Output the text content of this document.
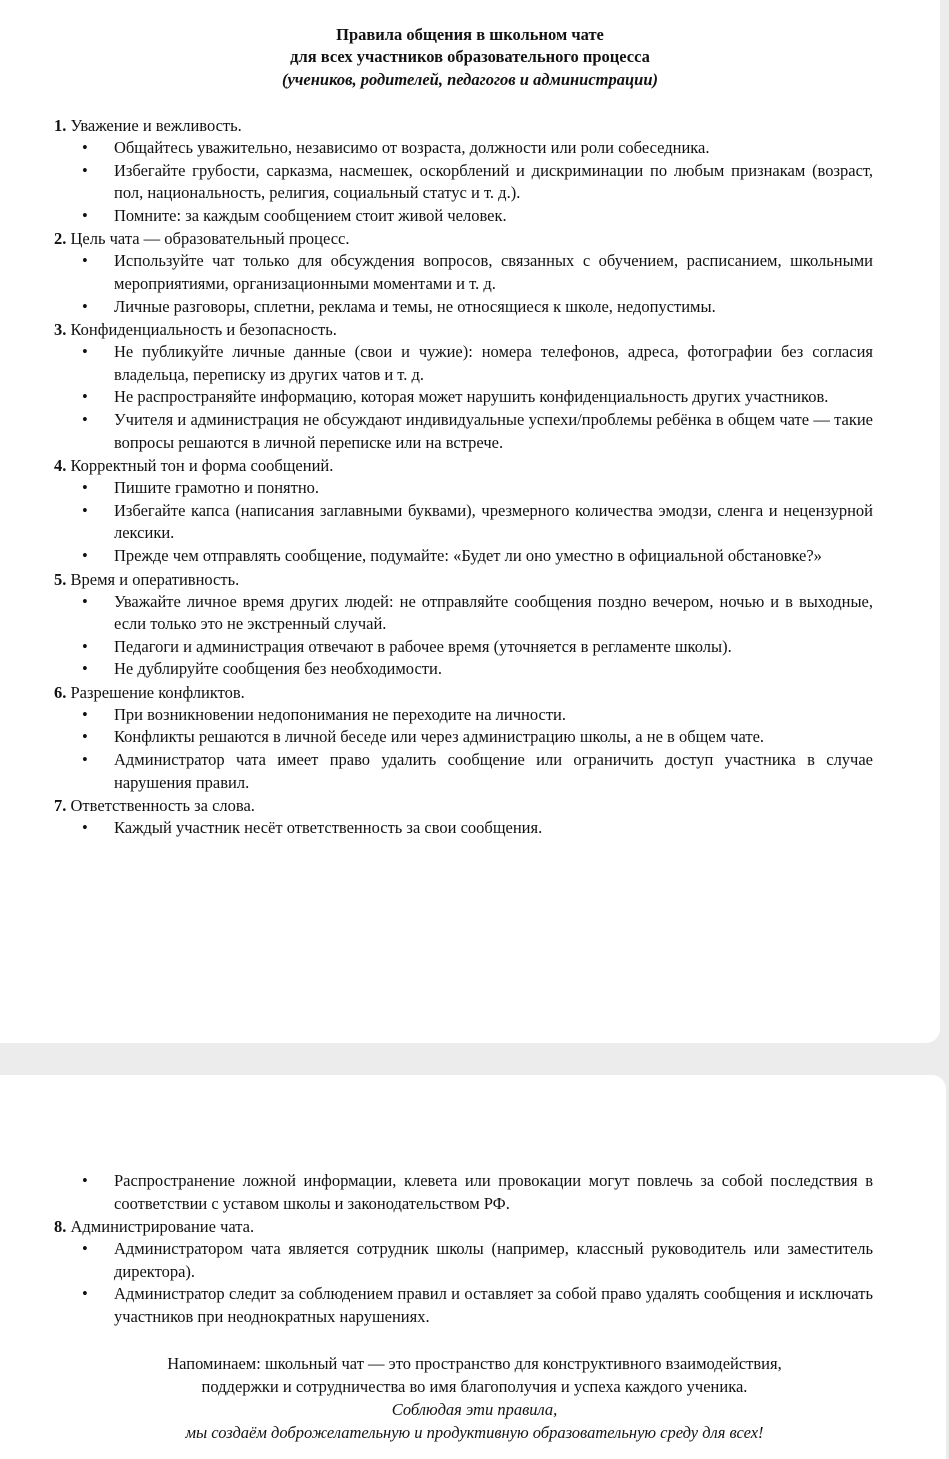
Правила общения в школьном чате
для всех участников образовательного процесса
(учеников, родителей, педагогов и администрации)
1. Уважение и вежливость.
• Общайтесь уважительно, независимо от возраста, должности или роли собеседника.
• Избегайте грубости, сарказма, насмешек, оскорблений и дискриминации по любым признакам (возраст, пол, национальность, религия, социальный статус и т. д.).
• Помните: за каждым сообщением стоит живой человек.
2. Цель чата — образовательный процесс.
• Используйте чат только для обсуждения вопросов, связанных с обучением, расписанием, школьными мероприятиями, организационными моментами и т. д.
• Личные разговоры, сплетни, реклама и темы, не относящиеся к школе, недопустимы.
3. Конфиденциальность и безопасность.
• Не публикуйте личные данные (свои и чужие): номера телефонов, адреса, фотографии без согласия владельца, переписку из других чатов и т. д.
• Не распространяйте информацию, которая может нарушить конфиденциальность других участников.
• Учителя и администрация не обсуждают индивидуальные успехи/проблемы ребёнка в общем чате — такие вопросы решаются в личной переписке или на встрече.
4. Корректный тон и форма сообщений.
• Пишите грамотно и понятно.
• Избегайте капса (написания заглавными буквами), чрезмерного количества эмодзи, сленга и нецензурной лексики.
• Прежде чем отправлять сообщение, подумайте: «Будет ли оно уместно в официальной обстановке?»
5. Время и оперативность.
• Уважайте личное время других людей: не отправляйте сообщения поздно вечером, ночью и в выходные, если только это не экстренный случай.
• Педагоги и администрация отвечают в рабочее время (уточняется в регламенте школы).
• Не дублируйте сообщения без необходимости.
6. Разрешение конфликтов.
• При возникновении недопонимания не переходите на личности.
• Конфликты решаются в личной беседе или через администрацию школы, а не в общем чате.
• Администратор чата имеет право удалить сообщение или ограничить доступ участника в случае нарушения правил.
7. Ответственность за слова.
• Каждый участник несёт ответственность за свои сообщения.
• Распространение ложной информации, клевета или провокации могут повлечь за собой последствия в соответствии с уставом школы и законодательством РФ.
8. Администрирование чата.
• Администратором чата является сотрудник школы (например, классный руководитель или заместитель директора).
• Администратор следит за соблюдением правил и оставляет за собой право удалять сообщения и исключать участников при неоднократных нарушениях.
Напоминаем: школьный чат — это пространство для конструктивного взаимодействия,
поддержки и сотрудничества во имя благополучия и успеха каждого ученика.
Соблюдая эти правила,
мы создаём доброжелательную и продуктивную образовательную среду для всех!
